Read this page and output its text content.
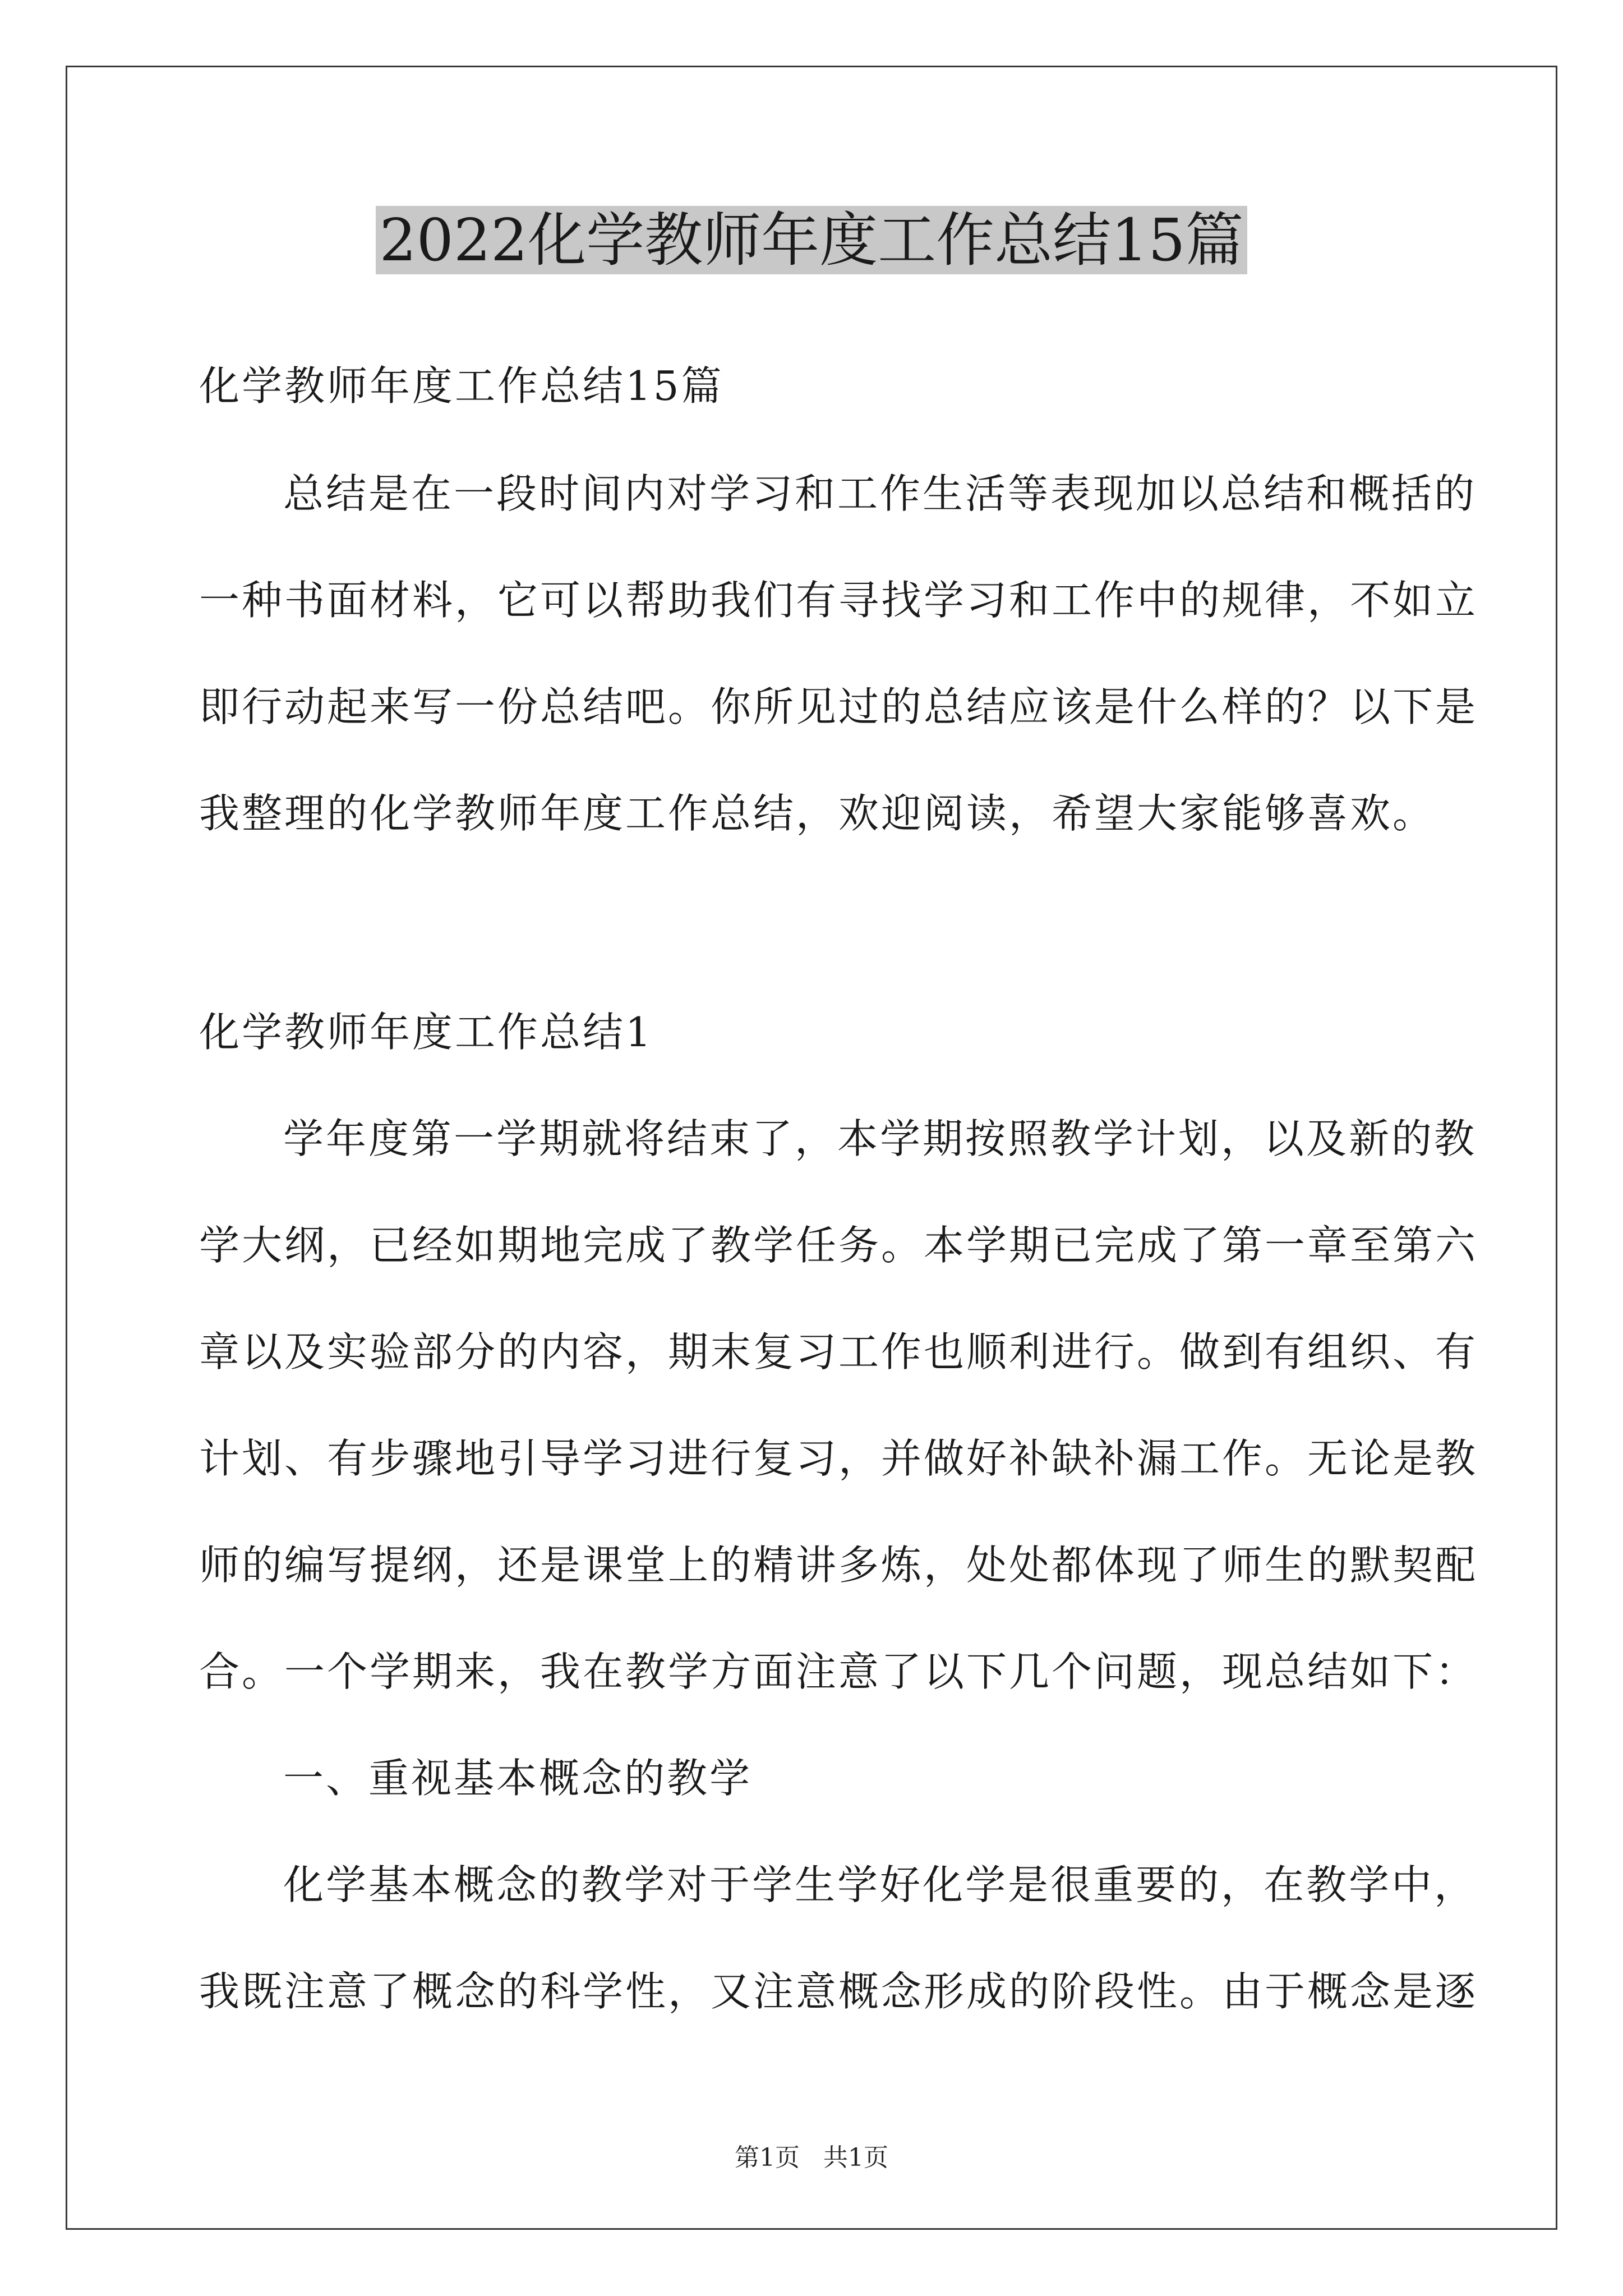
2022化学教师年度工作总结15篇
化学教师年度工作总结15篇
总结是在一段时间内对学习和工作生活等表现加以总结和概括的
一种书面材料，它可以帮助我们有寻找学习和工作中的规律，不如立
即行动起来写一份总结吧。你所见过的总结应该是什么样的？以下是
我整理的化学教师年度工作总结，欢迎阅读，希望大家能够喜欢。
化学教师年度工作总结1
学年度第一学期就将结束了，本学期按照教学计划，以及新的教
学大纲，已经如期地完成了教学任务。本学期已完成了第一章至第六
章以及实验部分的内容，期末复习工作也顺利进行。做到有组织、有
计划、有步骤地引导学习进行复习，并做好补缺补漏工作。无论是教
师的编写提纲，还是课堂上的精讲多炼，处处都体现了师生的默契配
合。一个学期来，我在教学方面注意了以下几个问题，现总结如下：
一、重视基本概念的教学
化学基本概念的教学对于学生学好化学是很重要的，在教学中，
我既注意了概念的科学性，又注意概念形成的阶段性。由于概念是逐
第1页   共1页
